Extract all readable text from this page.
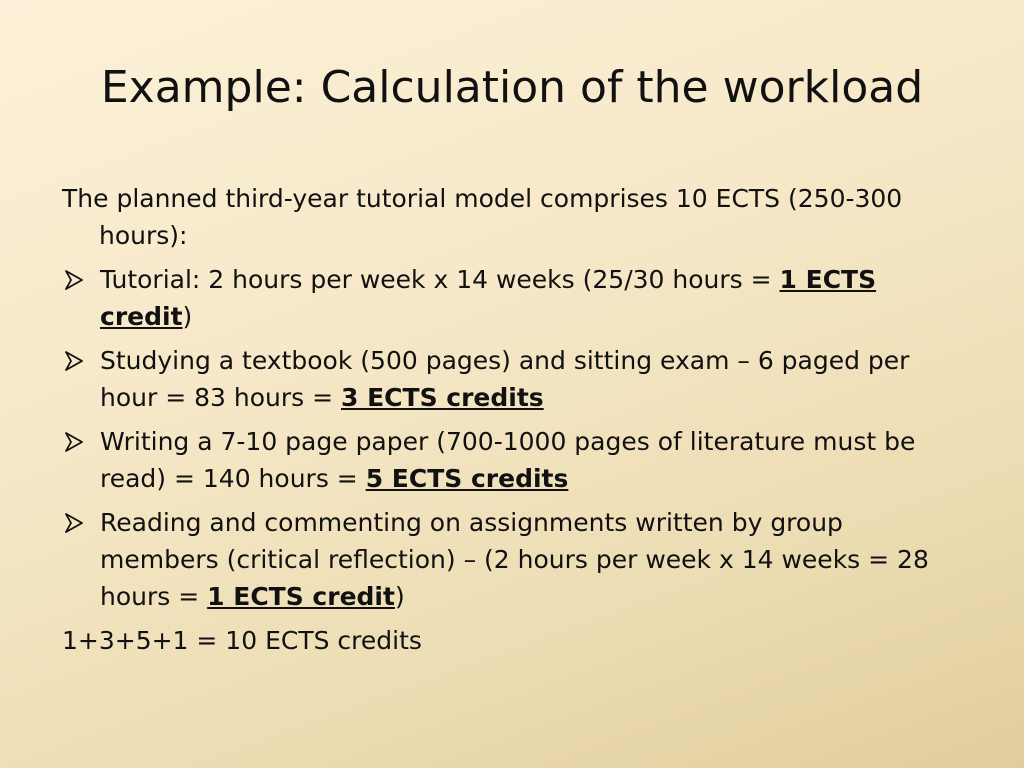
Example: Calculation of the workload

The planned third-year tutorial model comprises 10 ECTS (250-300 hours):

Tutorial: 2 hours per week x 14 weeks (25/30 hours = 1 ECTS credit)
Studying a textbook (500 pages) and sitting exam – 6 paged per hour = 83 hours = 3 ECTS credits
Writing a 7-10 page paper (700-1000 pages of literature must be read) = 140 hours = 5 ECTS credits
Reading and commenting on assignments written by group members (critical reflection) – (2 hours per week x 14 weeks = 28 hours = 1 ECTS credit)

1+3+5+1 = 10 ECTS credits
